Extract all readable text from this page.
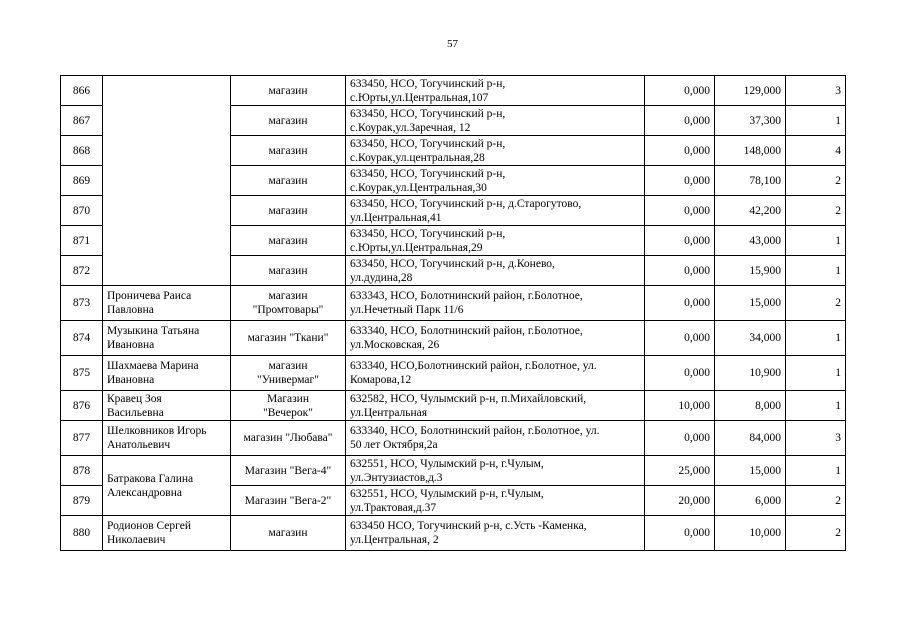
57
866		магазин	633450, НСО, Тогучинский р-н,
с.Юрты,ул.Центральная,107	0,000	129,000	3
867		магазин	633450, НСО, Тогучинский р-н,
с.Коурак,ул.Заречная, 12	0,000	37,300	1
868		магазин	633450, НСО, Тогучинский р-н,
с.Коурак,ул.центральная,28	0,000	148,000	4
869		магазин	633450, НСО, Тогучинский р-н,
с.Коурак,ул.Центральная,30	0,000	78,100	2
870		магазин	633450, НСО, Тогучинский р-н, д.Старогутово,
ул.Центральная,41	0,000	42,200	2
871		магазин	633450, НСО, Тогучинский р-н,
с.Юрты,ул.Центральная,29	0,000	43,000	1
872		магазин	633450, НСО, Тогучинский р-н, д.Конево,
ул.дудина,28	0,000	15,900	1
873	Проничева Раиса
Павловна	магазин
"Промтовары"	633343, НСО, Болотнинский район, г.Болотное,
ул.Нечетный Парк 11/6	0,000	15,000	2
874	Музыкина Татьяна
Ивановна	магазин "Ткани"	633340, НСО, Болотнинский район, г.Болотное,
ул.Московская, 26	0,000	34,000	1
875	Шахмаева Марина
Ивановна	магазин
"Универмаг"	633340, НСО,Болотнинский район, г.Болотное, ул.
Комарова,12	0,000	10,900	1
876	Кравец Зоя
Васильевна	Магазин
"Вечерок"	632582, НСО, Чулымский р-н, п.Михайловский,
ул.Центральная	10,000	8,000	1
877	Шелковников Игорь
Анатольевич	магазин "Любава"	633340, НСО, Болотнинский район, г.Болотное, ул.
50 лет Октября,2а	0,000	84,000	3
878	Батракова Галина
Александровна	Магазин "Вега-4"	632551, НСО, Чулымский р-н, г.Чулым,
ул.Энтузиастов,д.3	25,000	15,000	1
879		Магазин "Вега-2"	632551, НСО, Чулымский р-н, г.Чулым,
ул.Трактовая,д.37	20,000	6,000	2
880	Родионов Сергей
Николаевич	магазин	633450 НСО, Тогучинский р-н, с.Усть -Каменка,
ул.Центральная, 2	0,000	10,000	2
